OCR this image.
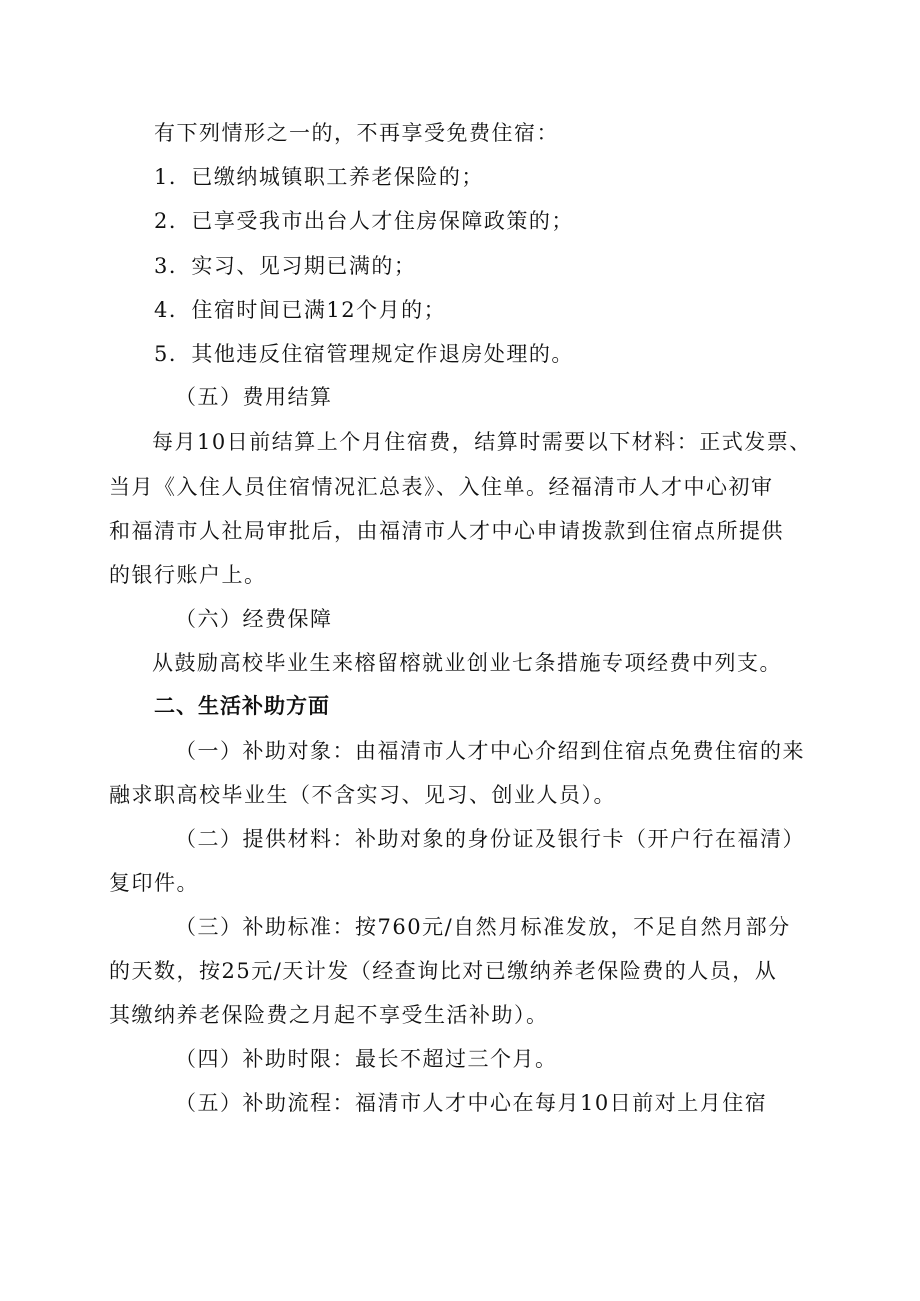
有下列情形之一的，不再享受免费住宿：
1．已缴纳城镇职工养老保险的；
2．已享受我市出台人才住房保障政策的；
3．实习、见习期已满的；
4．住宿时间已满12个月的；
5．其他违反住宿管理规定作退房处理的。
（五）费用结算
每月10日前结算上个月住宿费，结算时需要以下材料：正式发票、
当月《入住人员住宿情况汇总表》、入住单。经福清市人才中心初审
和福清市人社局审批后，由福清市人才中心申请拨款到住宿点所提供
的银行账户上。
（六）经费保障
从鼓励高校毕业生来榕留榕就业创业七条措施专项经费中列支。
二、生活补助方面
（一）补助对象：由福清市人才中心介绍到住宿点免费住宿的来
融求职高校毕业生（不含实习、见习、创业人员）。
（二）提供材料：补助对象的身份证及银行卡（开户行在福清）
复印件。
（三）补助标准：按760元/自然月标准发放，不足自然月部分
的天数，按25元/天计发（经查询比对已缴纳养老保险费的人员，从
其缴纳养老保险费之月起不享受生活补助）。
（四）补助时限：最长不超过三个月。
（五）补助流程：福清市人才中心在每月10日前对上月住宿
